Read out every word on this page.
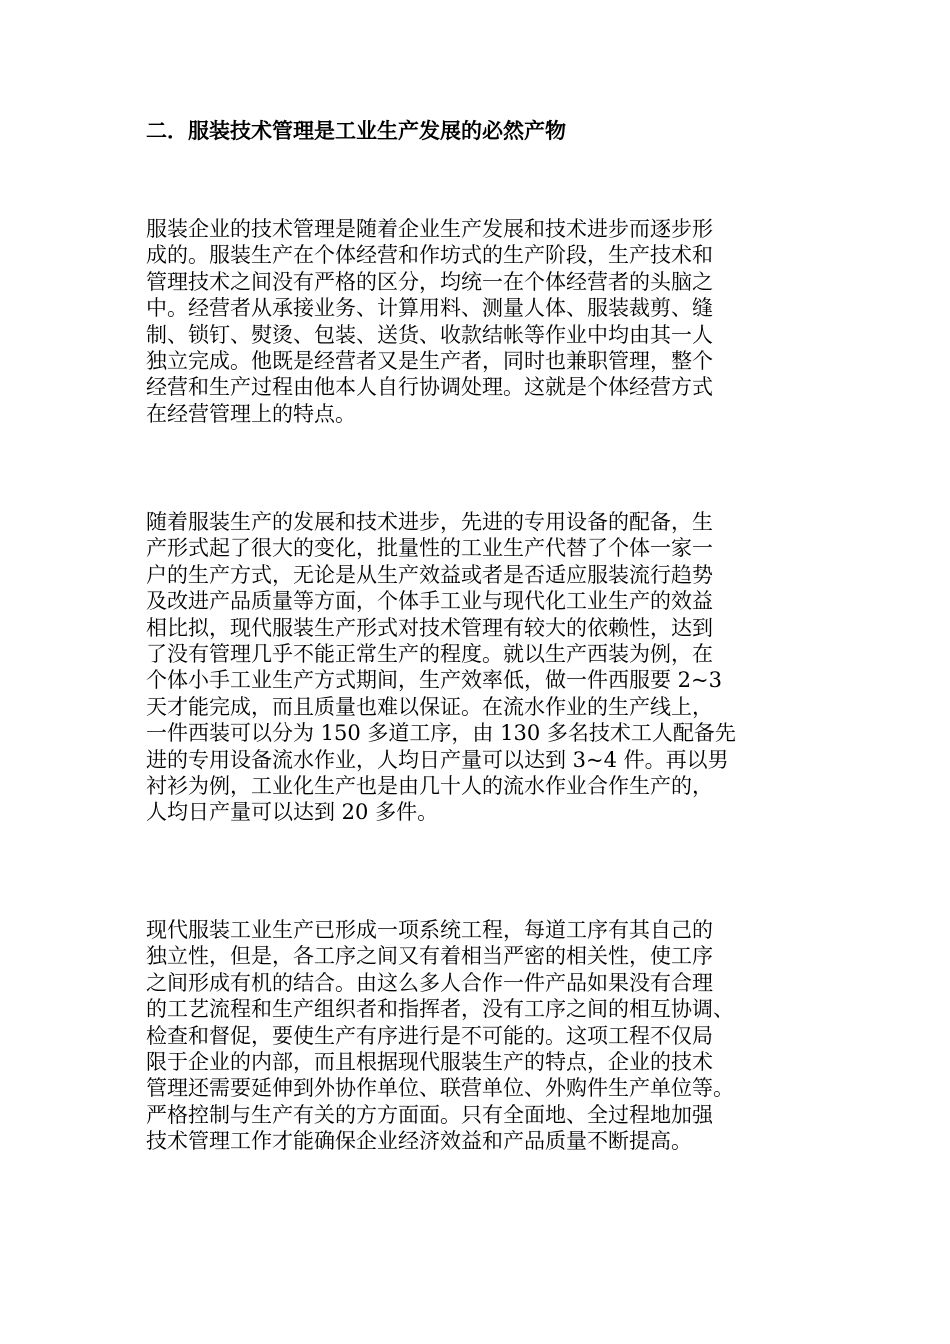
二．服装技术管理是工业生产发展的必然产物

服装企业的技术管理是随着企业生产发展和技术进步而逐步形
成的。服装生产在个体经营和作坊式的生产阶段，生产技术和
管理技术之间没有严格的区分，均统一在个体经营者的头脑之
中。经营者从承接业务、计算用料、测量人体、服装裁剪、缝
制、锁钉、熨烫、包装、送货、收款结帐等作业中均由其一人
独立完成。他既是经营者又是生产者，同时也兼职管理，整个
经营和生产过程由他本人自行协调处理。这就是个体经营方式
在经营管理上的特点。

随着服装生产的发展和技术进步，先进的专用设备的配备，生
产形式起了很大的变化，批量性的工业生产代替了个体一家一
户的生产方式，无论是从生产效益或者是否适应服装流行趋势
及改进产品质量等方面，个体手工业与现代化工业生产的效益
相比拟，现代服装生产形式对技术管理有较大的依赖性，达到
了没有管理几乎不能正常生产的程度。就以生产西装为例，在
个体小手工业生产方式期间，生产效率低，做一件西服要 2~3
天才能完成，而且质量也难以保证。在流水作业的生产线上，
一件西装可以分为 150 多道工序，由 130 多名技术工人配备先
进的专用设备流水作业，人均日产量可以达到 3~4 件。再以男
衬衫为例，工业化生产也是由几十人的流水作业合作生产的，
人均日产量可以达到 20 多件。

现代服装工业生产已形成一项系统工程，每道工序有其自己的
独立性，但是，各工序之间又有着相当严密的相关性，使工序
之间形成有机的结合。由这么多人合作一件产品如果没有合理
的工艺流程和生产组织者和指挥者，没有工序之间的相互协调、
检查和督促，要使生产有序进行是不可能的。这项工程不仅局
限于企业的内部，而且根据现代服装生产的特点，企业的技术
管理还需要延伸到外协作单位、联营单位、外购件生产单位等。
严格控制与生产有关的方方面面。只有全面地、全过程地加强
技术管理工作才能确保企业经济效益和产品质量不断提高。
